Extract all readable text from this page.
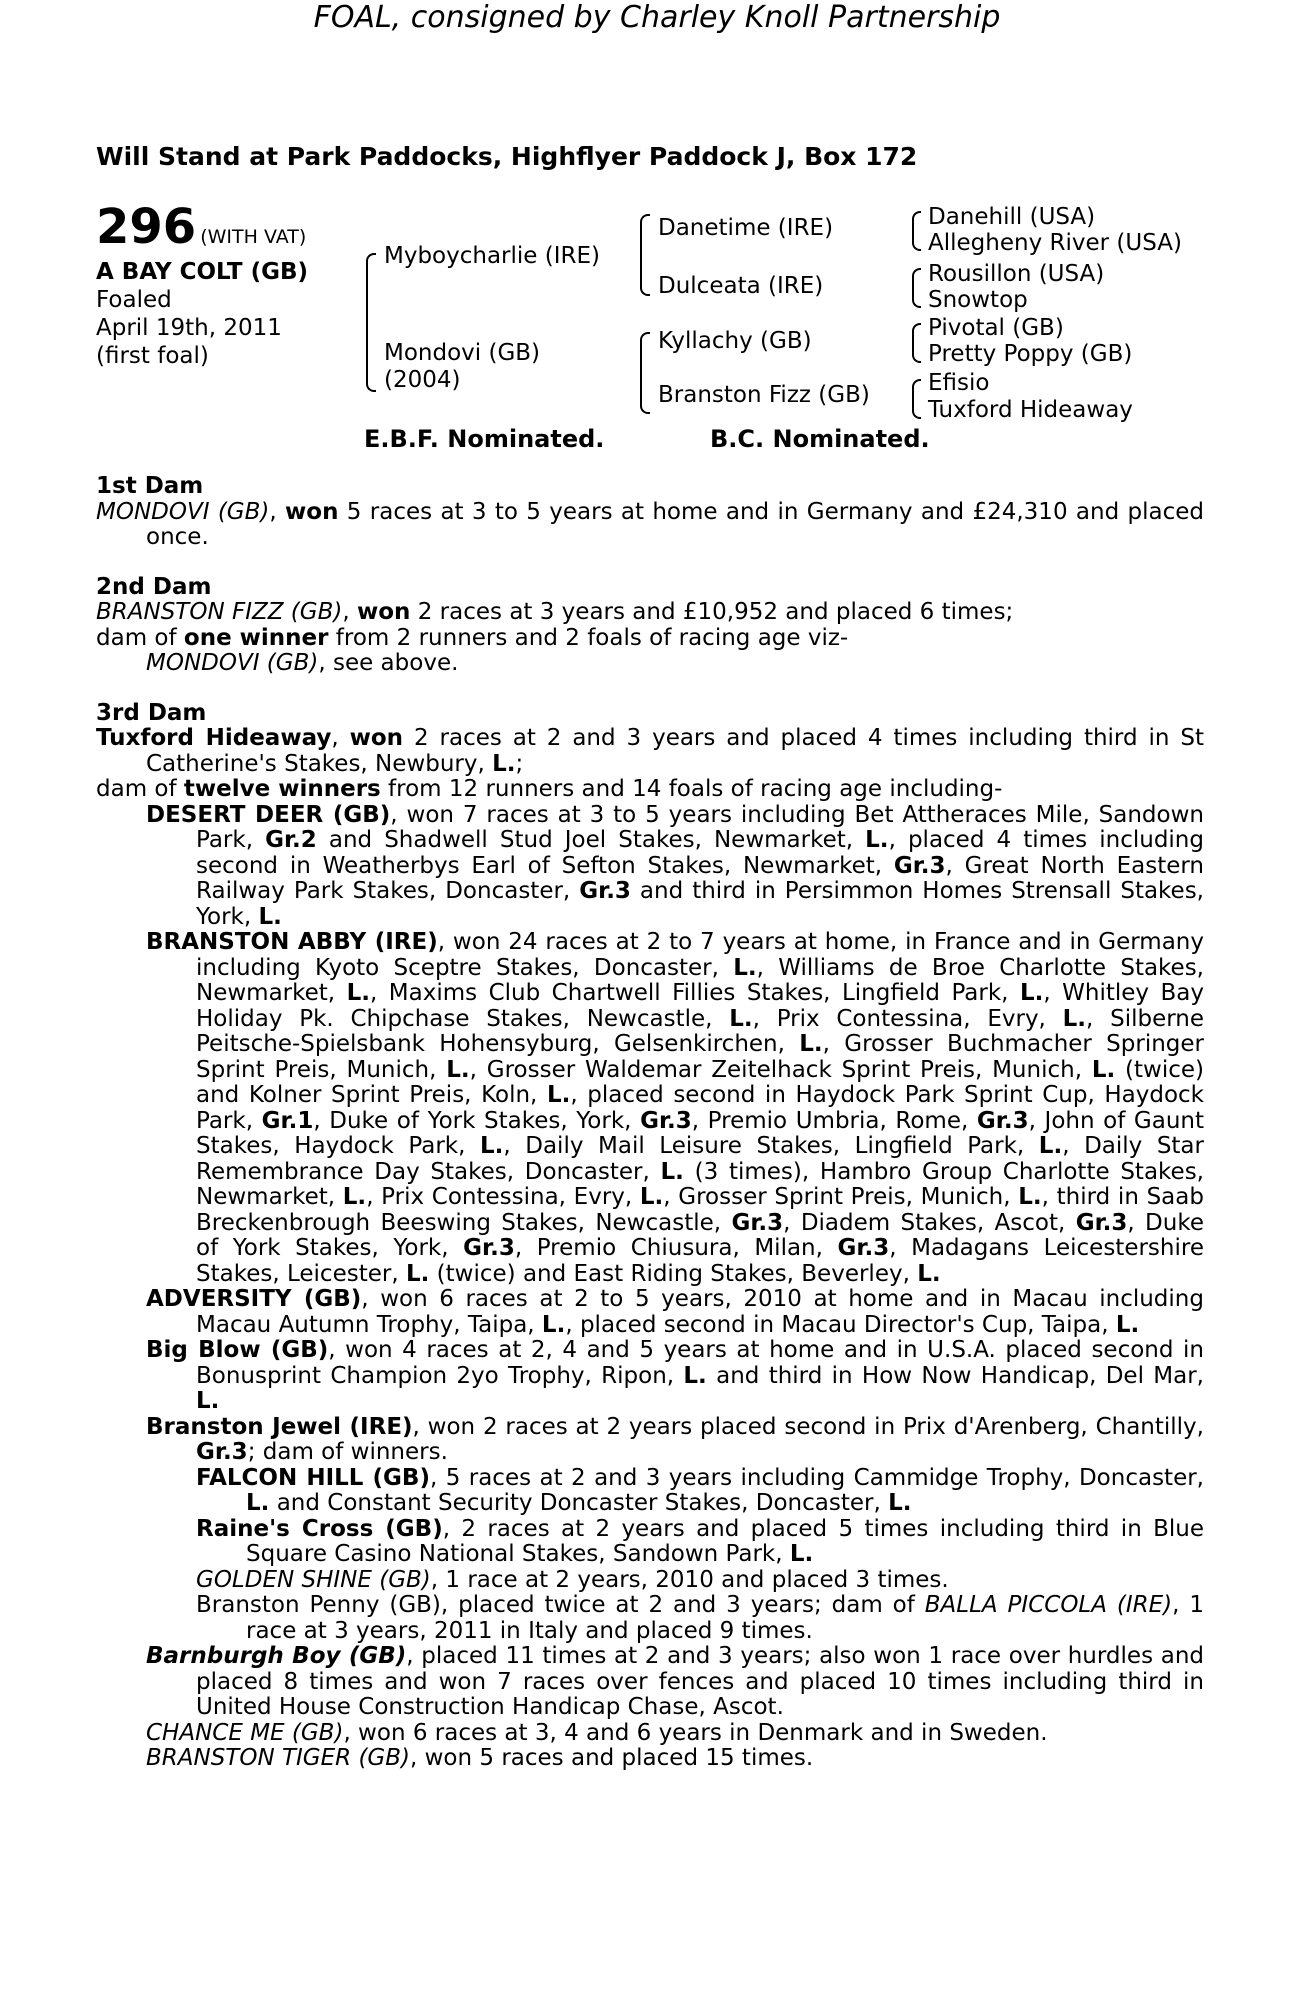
FOAL, consigned by Charley Knoll Partnership
Will Stand at Park Paddocks, Highflyer Paddock J, Box 172
296 (WITH VAT)
A BAY COLT (GB)
Foaled
April 19th, 2011
(first foal)
Myboycharlie (IRE)
Mondovi (GB)
(2004)
Danetime (IRE)
Dulceata (IRE)
Kyllachy (GB)
Branston Fizz (GB)
Danehill (USA)
Allegheny River (USA)
Rousillon (USA)
Snowtop
Pivotal (GB)
Pretty Poppy (GB)
Efisio
Tuxford Hideaway
E.B.F. Nominated.	B.C. Nominated.
1st Dam
MONDOVI (GB), won 5 races at 3 to 5 years at home and in Germany and £24,310 and placed once.
2nd Dam
BRANSTON FIZZ (GB), won 2 races at 3 years and £10,952 and placed 6 times;
dam of one winner from 2 runners and 2 foals of racing age viz-
MONDOVI (GB), see above.
3rd Dam
Tuxford Hideaway, won 2 races at 2 and 3 years and placed 4 times including third in St Catherine's Stakes, Newbury, L.;
dam of twelve winners from 12 runners and 14 foals of racing age including-
DESERT DEER (GB), won 7 races at 3 to 5 years including Bet Attheraces Mile, Sandown Park, Gr.2 and Shadwell Stud Joel Stakes, Newmarket, L., placed 4 times including second in Weatherbys Earl of Sefton Stakes, Newmarket, Gr.3, Great North Eastern Railway Park Stakes, Doncaster, Gr.3 and third in Persimmon Homes Strensall Stakes, York, L.
BRANSTON ABBY (IRE), won 24 races at 2 to 7 years at home, in France and in Germany including Kyoto Sceptre Stakes, Doncaster, L., Williams de Broe Charlotte Stakes, Newmarket, L., Maxims Club Chartwell Fillies Stakes, Lingfield Park, L., Whitley Bay Holiday Pk. Chipchase Stakes, Newcastle, L., Prix Contessina, Evry, L., Silberne Peitsche-Spielsbank Hohensyburg, Gelsenkirchen, L., Grosser Buchmacher Springer Sprint Preis, Munich, L., Grosser Waldemar Zeitelhack Sprint Preis, Munich, L. (twice) and Kolner Sprint Preis, Koln, L., placed second in Haydock Park Sprint Cup, Haydock Park, Gr.1, Duke of York Stakes, York, Gr.3, Premio Umbria, Rome, Gr.3, John of Gaunt Stakes, Haydock Park, L., Daily Mail Leisure Stakes, Lingfield Park, L., Daily Star Remembrance Day Stakes, Doncaster, L. (3 times), Hambro Group Charlotte Stakes, Newmarket, L., Prix Contessina, Evry, L., Grosser Sprint Preis, Munich, L., third in Saab Breckenbrough Beeswing Stakes, Newcastle, Gr.3, Diadem Stakes, Ascot, Gr.3, Duke of York Stakes, York, Gr.3, Premio Chiusura, Milan, Gr.3, Madagans Leicestershire Stakes, Leicester, L. (twice) and East Riding Stakes, Beverley, L.
ADVERSITY (GB), won 6 races at 2 to 5 years, 2010 at home and in Macau including Macau Autumn Trophy, Taipa, L., placed second in Macau Director's Cup, Taipa, L.
Big Blow (GB), won 4 races at 2, 4 and 5 years at home and in U.S.A. placed second in Bonusprint Champion 2yo Trophy, Ripon, L. and third in How Now Handicap, Del Mar, L.
Branston Jewel (IRE), won 2 races at 2 years placed second in Prix d'Arenberg, Chantilly, Gr.3; dam of winners.
FALCON HILL (GB), 5 races at 2 and 3 years including Cammidge Trophy, Doncaster, L. and Constant Security Doncaster Stakes, Doncaster, L.
Raine's Cross (GB), 2 races at 2 years and placed 5 times including third in Blue Square Casino National Stakes, Sandown Park, L.
GOLDEN SHINE (GB), 1 race at 2 years, 2010 and placed 3 times.
Branston Penny (GB), placed twice at 2 and 3 years; dam of BALLA PICCOLA (IRE), 1 race at 3 years, 2011 in Italy and placed 9 times.
Barnburgh Boy (GB), placed 11 times at 2 and 3 years; also won 1 race over hurdles and placed 8 times and won 7 races over fences and placed 10 times including third in United House Construction Handicap Chase, Ascot.
CHANCE ME (GB), won 6 races at 3, 4 and 6 years in Denmark and in Sweden.
BRANSTON TIGER (GB), won 5 races and placed 15 times.
